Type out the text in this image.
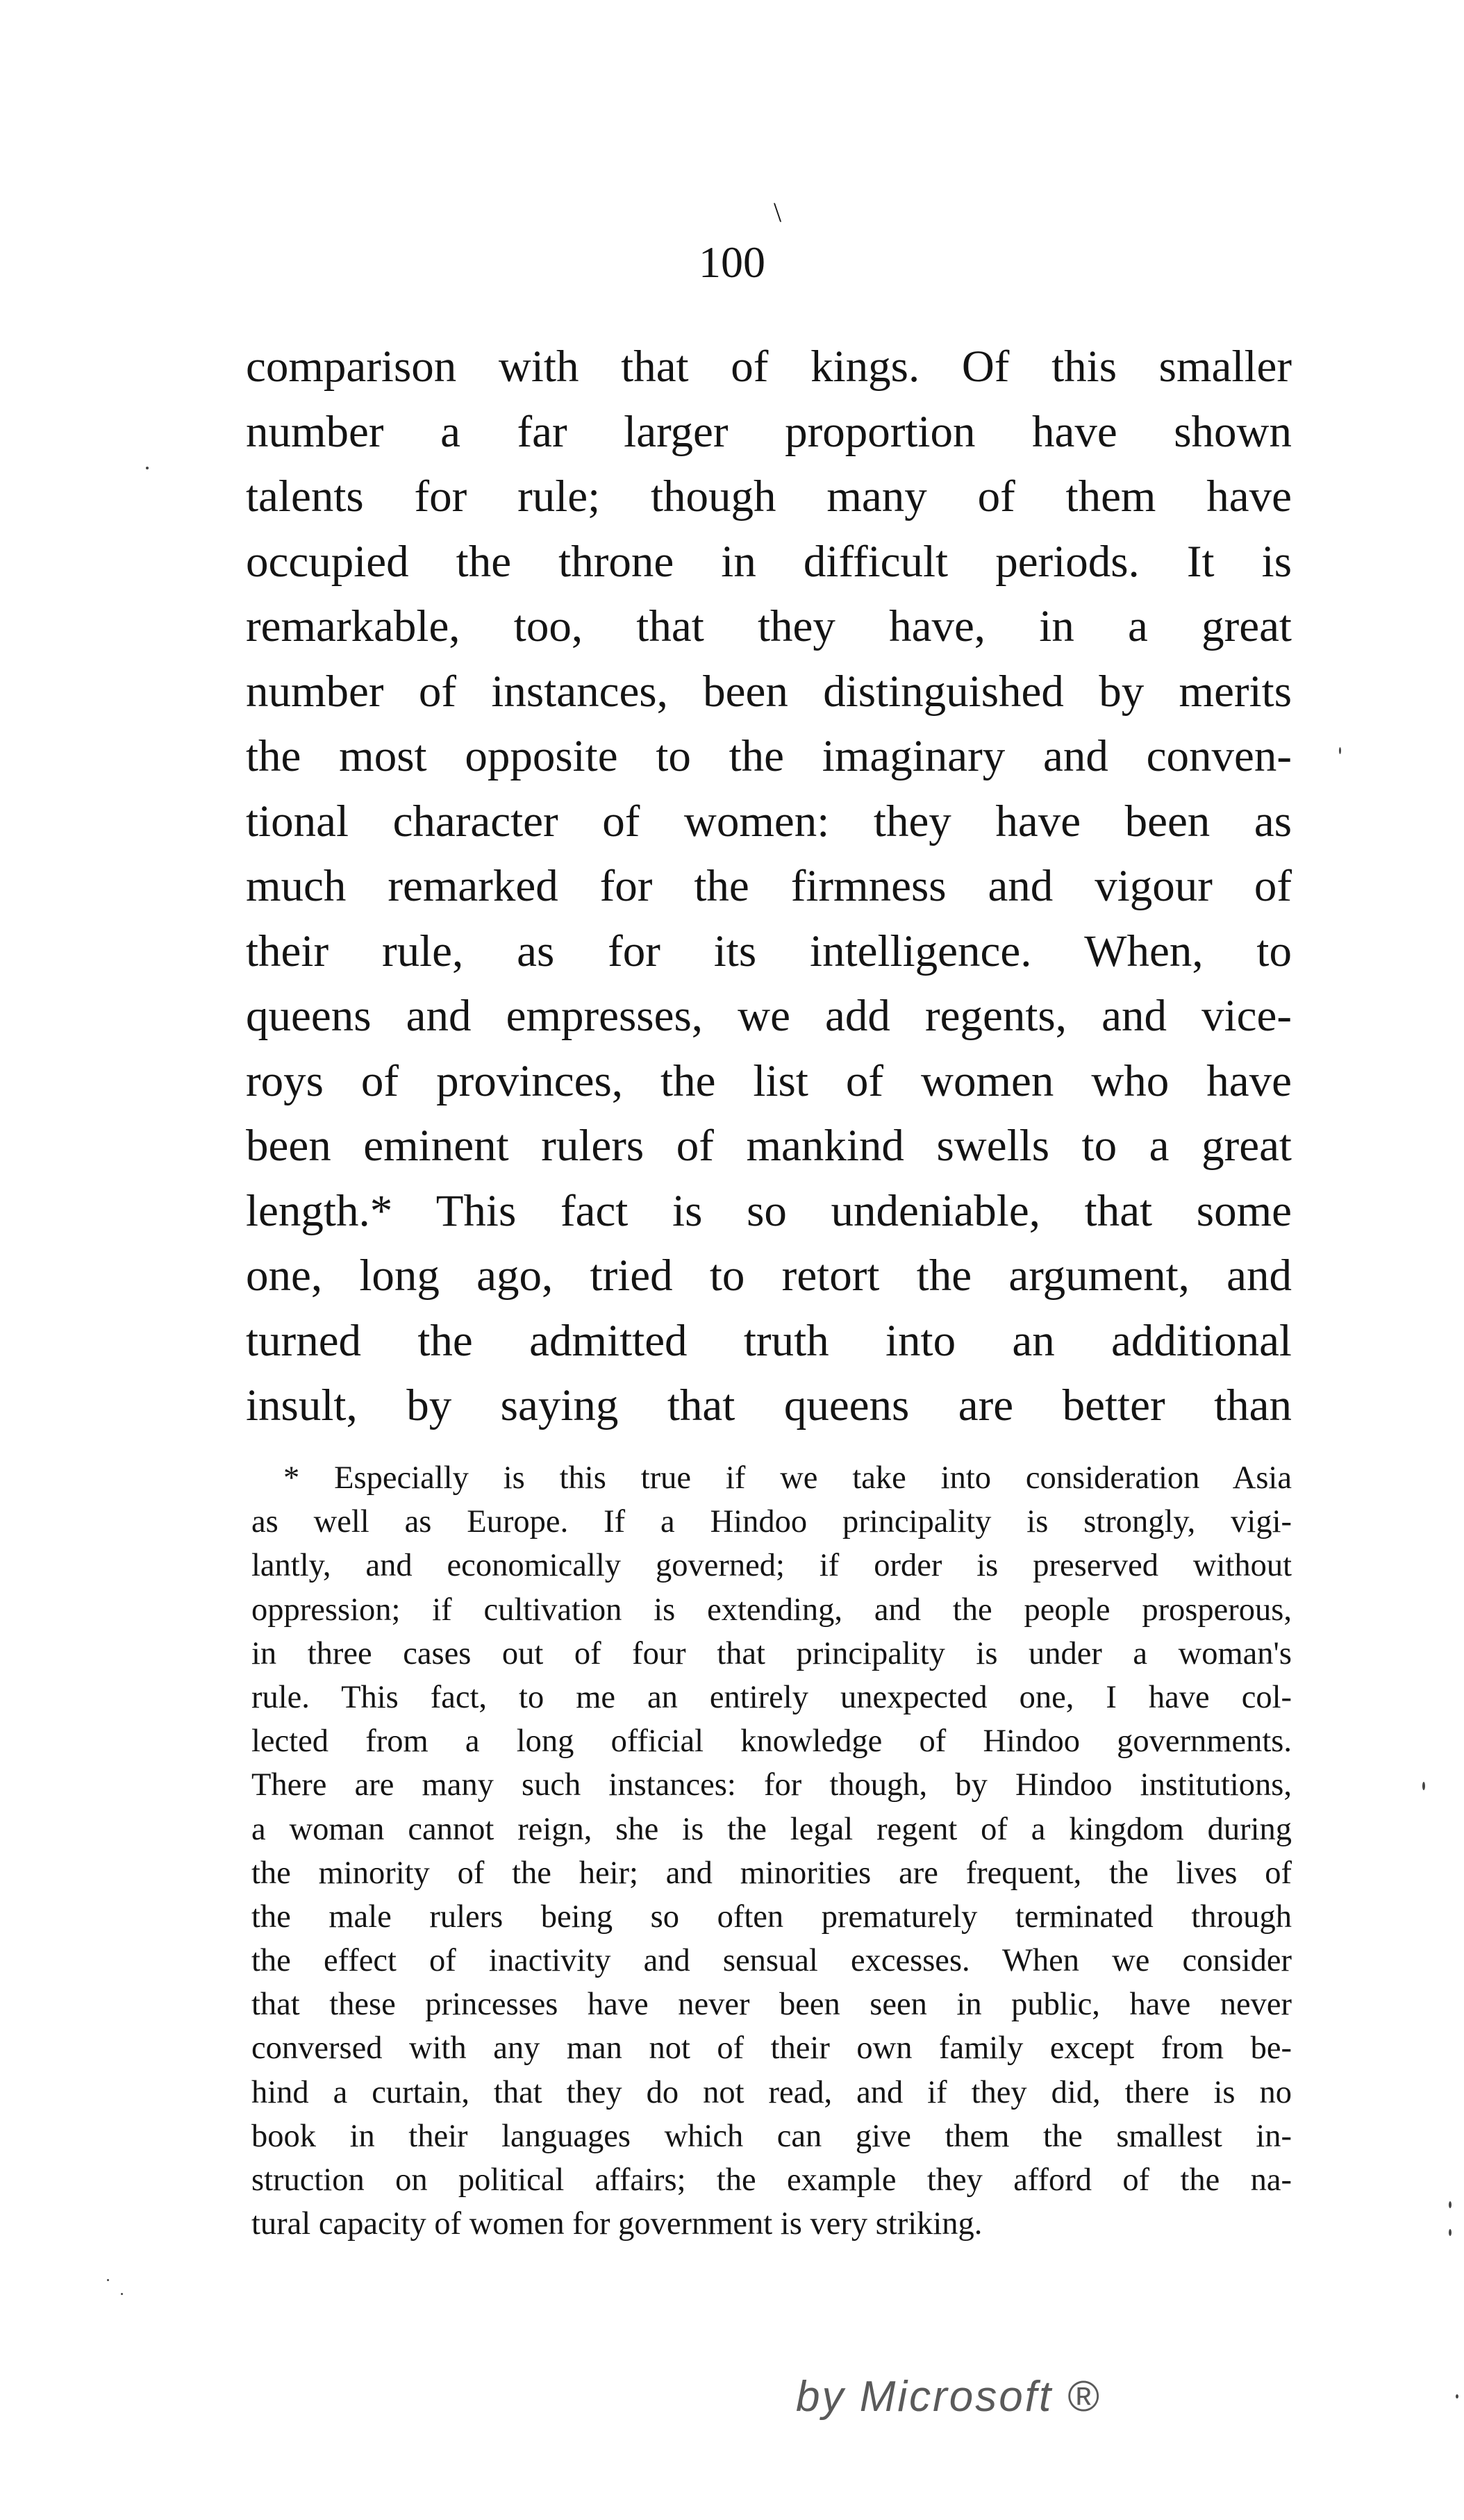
\
100
comparison with that of kings. Of this smaller
number a far larger proportion have shown
talents for rule; though many of them have
occupied the throne in difficult periods. It is
remarkable, too, that they have, in a great
number of instances, been distinguished by merits
the most opposite to the imaginary and conven-
tional character of women: they have been as
much remarked for the firmness and vigour of
their rule, as for its intelligence. When, to
queens and empresses, we add regents, and vice-
roys of provinces, the list of women who have
been eminent rulers of mankind swells to a great
length.* This fact is so undeniable, that some
one, long ago, tried to retort the argument, and
turned the admitted truth into an additional
insult, by saying that queens are better than
* Especially is this true if we take into consideration Asia
as well as Europe. If a Hindoo principality is strongly, vigi-
lantly, and economically governed; if order is preserved without
oppression; if cultivation is extending, and the people prosperous,
in three cases out of four that principality is under a woman's
rule. This fact, to me an entirely unexpected one, I have col-
lected from a long official knowledge of Hindoo governments.
There are many such instances: for though, by Hindoo institutions,
a woman cannot reign, she is the legal regent of a kingdom during
the minority of the heir; and minorities are frequent, the lives of
the male rulers being so often prematurely terminated through
the effect of inactivity and sensual excesses. When we consider
that these princesses have never been seen in public, have never
conversed with any man not of their own family except from be-
hind a curtain, that they do not read, and if they did, there is no
book in their languages which can give them the smallest in-
struction on political affairs; the example they afford of the na-
tural capacity of women for government is very striking.
by Microsoft ®
